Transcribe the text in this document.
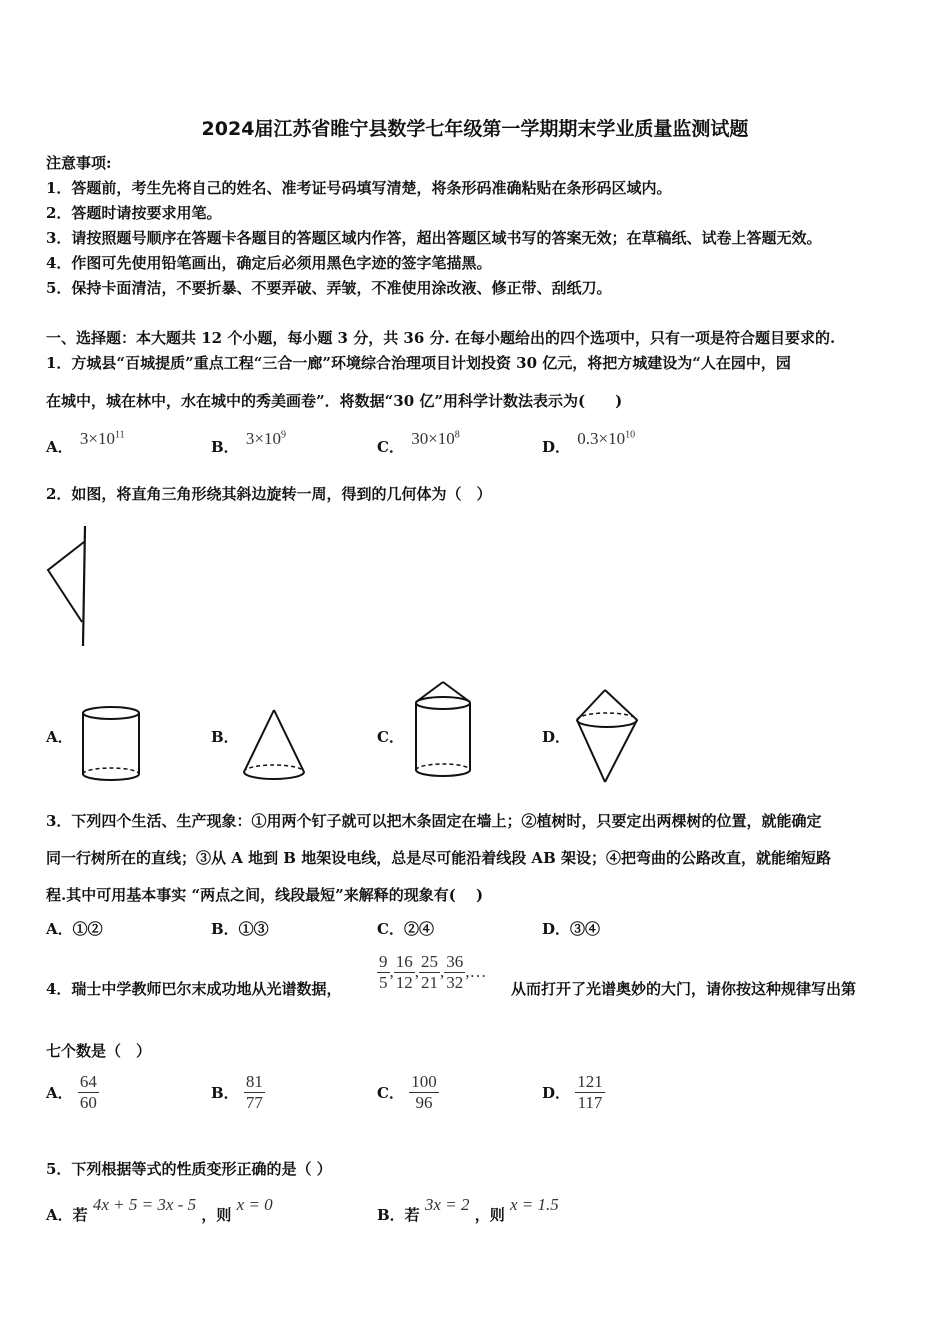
2024届江苏省睢宁县数学七年级第一学期期末学业质量监测试题
注意事项:
1．答题前，考生先将自己的姓名、准考证号码填写清楚，将条形码准确粘贴在条形码区域内。
2．答题时请按要求用笔。
3．请按照题号顺序在答题卡各题目的答题区域内作答，超出答题区域书写的答案无效；在草稿纸、试卷上答题无效。
4．作图可先使用铅笔画出，确定后必须用黑色字迹的签字笔描黑。
5．保持卡面清洁，不要折暴、不要弄破、弄皱，不准使用涂改液、修正带、刮纸刀。
一、选择题：本大题共 12 个小题，每小题 3 分，共 36 分. 在每小题给出的四个选项中，只有一项是符合题目要求的.
1．方城县“百城提质”重点工程“三合一廊”环境综合治理项目计划投资 30 亿元，将把方城建设为“人在园中，园
在城中，城在林中，水在城中的秀美画卷”．将数据“30 亿”用科学计数法表示为(　　)
A． $3\times 10^{11}$
B． $3\times 10^9$
C． $30\times 10^8$
D． $0.3\times 10^{10}$
2．如图，将直角三角形绕其斜边旋转一周，得到的几何体为（　）
A．	B．	C．	D．
3．下列四个生活、生产现象：①用两个钉子就可以把木条固定在墙上；②植树时，只要定出两棵树的位置，就能确定
同一行树所在的直线；③从 A 地到 B 地架设电线，总是尽可能沿着线段 AB 架设；④把弯曲的公路改直，就能缩短路
程.其中可用基本事实 “两点之间，线段最短”来解释的现象有(　 )
A．①②	B．①③	C．②④	D．③④
4．瑞士中学教师巴尔末成功地从光谱数据， $\frac{9}{5}$ , $\frac{16}{12}$ , $\frac{25}{21}$ , $\frac{36}{32}$ ,…
从而打开了光谱奥妙的大门，请你按这种规律写出第
七个数是（　）
A． $\frac{64}{60}$	B． $\frac{81}{77}$	C． $\frac{100}{96}$	D． $\frac{121}{117}$
5．下列根据等式的性质变形正确的是（ ）
A．若 4x + 5 = 3x - 5 ，则 x = 0
B．若 3x = 2 ，则 x = 1.5
